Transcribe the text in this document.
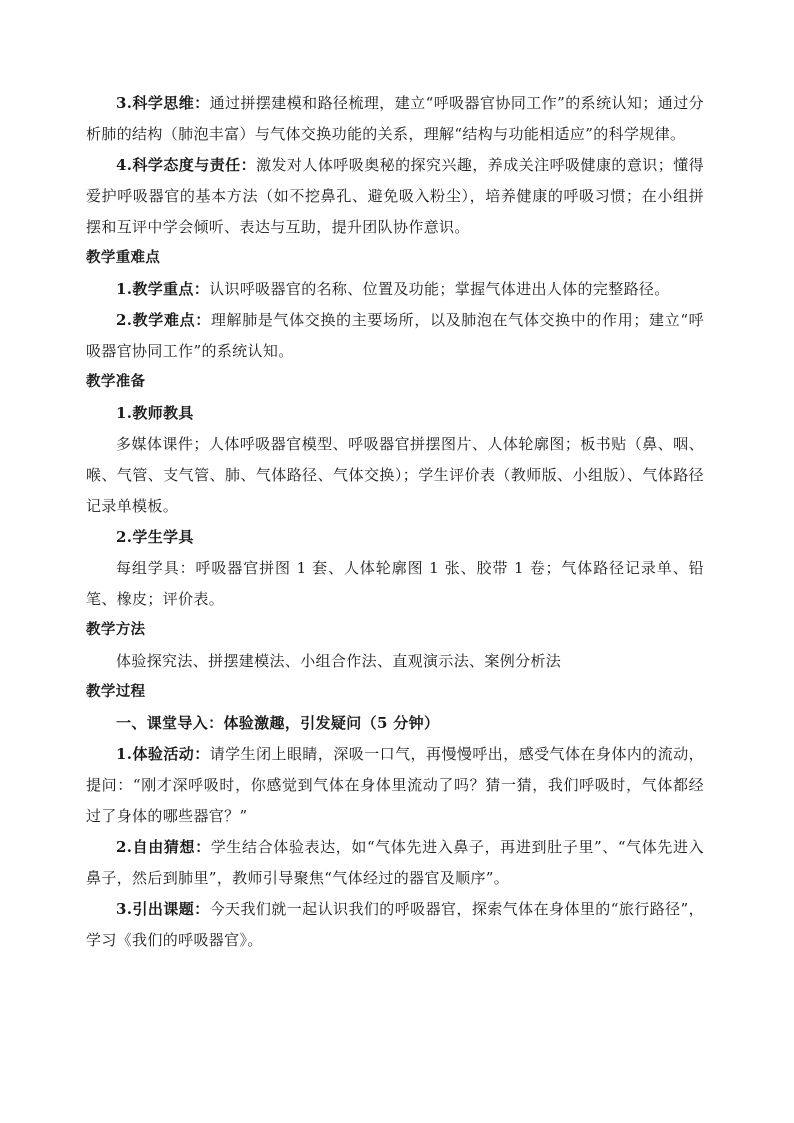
3.科学思维：通过拼摆建模和路径梳理，建立“呼吸器官协同工作”的系统认知；通过分析肺的结构（肺泡丰富）与气体交换功能的关系，理解“结构与功能相适应”的科学规律。

4.科学态度与责任：激发对人体呼吸奥秘的探究兴趣，养成关注呼吸健康的意识；懂得爱护呼吸器官的基本方法（如不挖鼻孔、避免吸入粉尘），培养健康的呼吸习惯；在小组拼摆和互评中学会倾听、表达与互助，提升团队协作意识。

教学重难点

1.教学重点：认识呼吸器官的名称、位置及功能；掌握气体进出人体的完整路径。

2.教学难点：理解肺是气体交换的主要场所，以及肺泡在气体交换中的作用；建立“呼吸器官协同工作”的系统认知。

教学准备

1.教师教具

多媒体课件；人体呼吸器官模型、呼吸器官拼摆图片、人体轮廓图；板书贴（鼻、咽、喉、气管、支气管、肺、气体路径、气体交换）；学生评价表（教师版、小组版）、气体路径记录单模板。

2.学生学具

每组学具：呼吸器官拼图 1 套、人体轮廓图 1 张、胶带 1 卷；气体路径记录单、铅笔、橡皮；评价表。

教学方法

体验探究法、拼摆建模法、小组合作法、直观演示法、案例分析法

教学过程

一、课堂导入：体验激趣，引发疑问（5 分钟）

1.体验活动：请学生闭上眼睛，深吸一口气，再慢慢呼出，感受气体在身体内的流动，提问：“刚才深呼吸时，你感觉到气体在身体里流动了吗？猜一猜，我们呼吸时，气体都经过了身体的哪些器官？”

2.自由猜想：学生结合体验表达，如“气体先进入鼻子，再进到肚子里”、“气体先进入鼻子，然后到肺里”，教师引导聚焦“气体经过的器官及顺序”。

3.引出课题：今天我们就一起认识我们的呼吸器官，探索气体在身体里的“旅行路径”，学习《我们的呼吸器官》。
